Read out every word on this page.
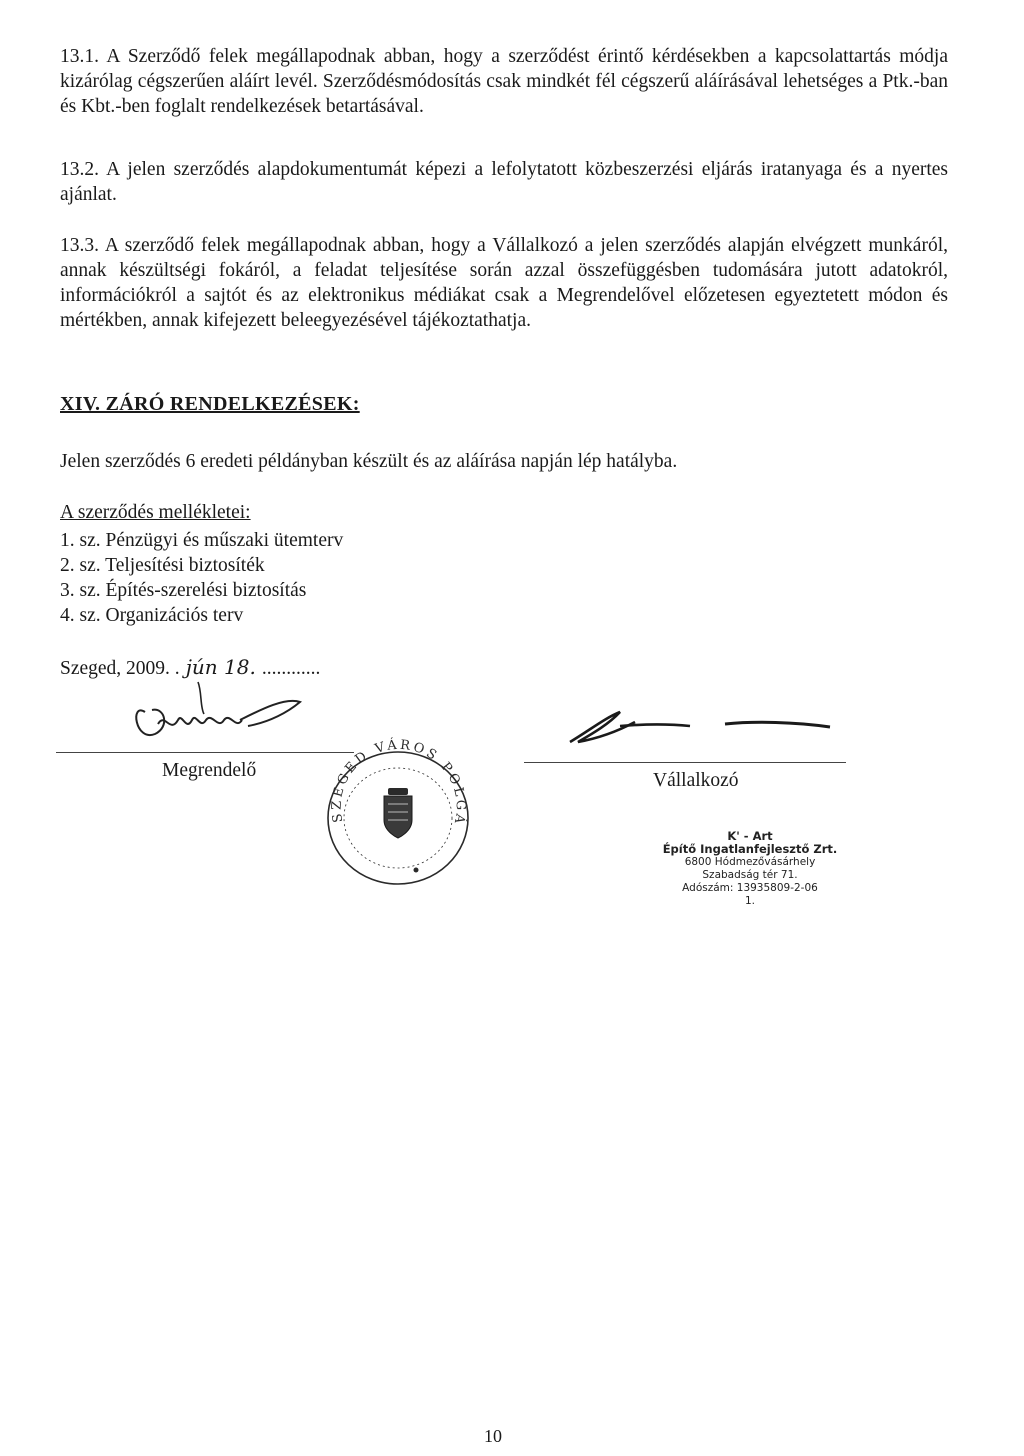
13.1. A Szerződő felek megállapodnak abban, hogy a szerződést érintő kérdésekben a kapcsolattartás módja kizárólag cégszerűen aláírt levél. Szerződésmódosítás csak mindkét fél cégszerű aláírásával lehetséges a Ptk.-ban és Kbt.-ben foglalt rendelkezések betartásával.

13.2. A jelen szerződés alapdokumentumát képezi a lefolytatott közbeszerzési eljárás iratanyaga és a nyertes ajánlat.

13.3. A szerződő felek megállapodnak abban, hogy a Vállalkozó a jelen szerződés alapján elvégzett munkáról, annak készültségi fokáról, a feladat teljesítése során azzal összefüggésben tudomására jutott adatokról, információkról a sajtót és az elektronikus médiákat csak a Megrendelővel előzetesen egyeztetett módon és mértékben, annak kifejezett beleegyezésével tájékoztathatja.

XIV. ZÁRÓ RENDELKEZÉSEK:
Jelen szerződés 6 eredeti példányban készült és az aláírása napján lép hatályba.
A szerződés mellékletei:
1. sz. Pénzügyi és műszaki ütemterv
2. sz. Teljesítési biztosíték
3. sz. Építés-szerelési biztosítás
4. sz. Organizációs terv
Szeged, 2009. . jún 18. ............
Megrendelő	Vállalkozó
SZEGED VÁROS POLGÁRMESTERE
K' - Art
Építő Ingatlanfejlesztő Zrt.
6800 Hódmezővásárhely
Szabadság tér 71.
Adószám: 13935809-2-06
1.
10
